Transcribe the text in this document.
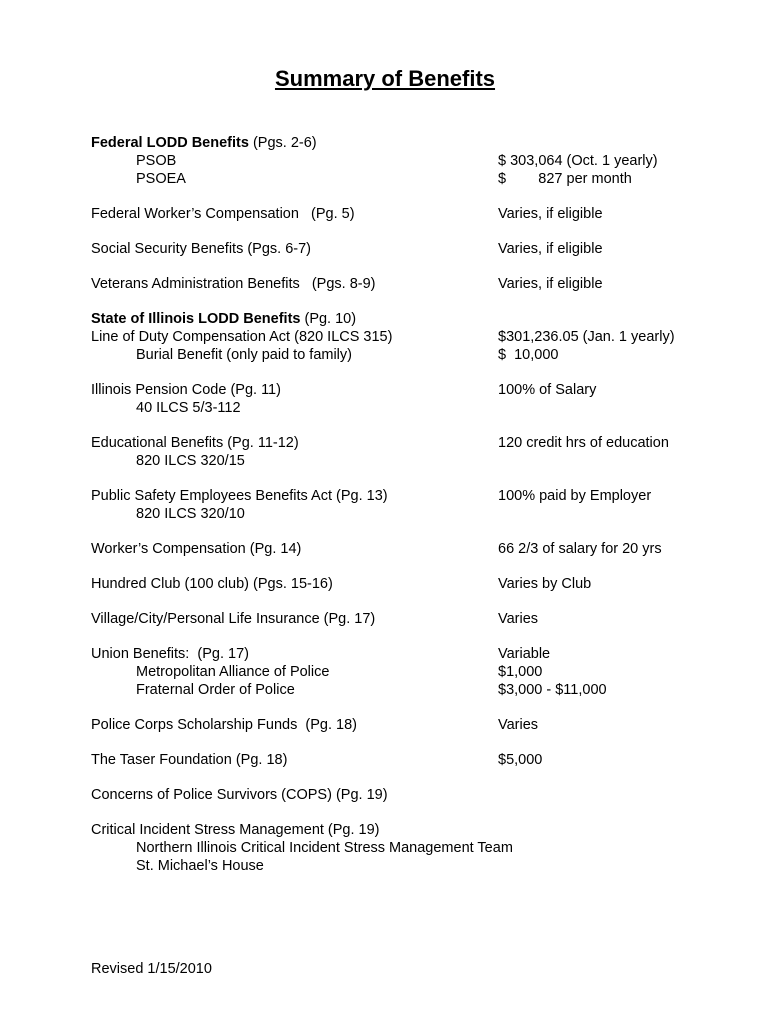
Summary of Benefits
Federal LODD Benefits (Pgs. 2-6)
PSOB	$ 303,064 (Oct. 1 yearly)
PSOEA	$        827 per month
Federal Worker’s Compensation   (Pg. 5)	Varies, if eligible
Social Security Benefits (Pgs. 6-7)	Varies, if eligible
Veterans Administration Benefits   (Pgs. 8-9)	Varies, if eligible
State of Illinois LODD Benefits (Pg. 10)
Line of Duty Compensation Act (820 ILCS 315)	$301,236.05 (Jan. 1 yearly)
Burial Benefit (only paid to family)	$  10,000
Illinois Pension Code (Pg. 11)	100% of Salary
40 ILCS 5/3-112
Educational Benefits (Pg. 11-12)	120 credit hrs of education
820 ILCS 320/15
Public Safety Employees Benefits Act (Pg. 13)	100% paid by Employer
820 ILCS 320/10
Worker’s Compensation (Pg. 14)	66 2/3 of salary for 20 yrs
Hundred Club (100 club) (Pgs. 15-16)	Varies by Club
Village/City/Personal Life Insurance (Pg. 17)	Varies
Union Benefits:  (Pg. 17)	Variable
Metropolitan Alliance of Police	$1,000
Fraternal Order of Police	$3,000 - $11,000
Police Corps Scholarship Funds  (Pg. 18)	Varies
The Taser Foundation (Pg. 18)	$5,000
Concerns of Police Survivors (COPS) (Pg. 19)
Critical Incident Stress Management (Pg. 19)
Northern Illinois Critical Incident Stress Management Team
St. Michael’s House
Revised 1/15/2010
